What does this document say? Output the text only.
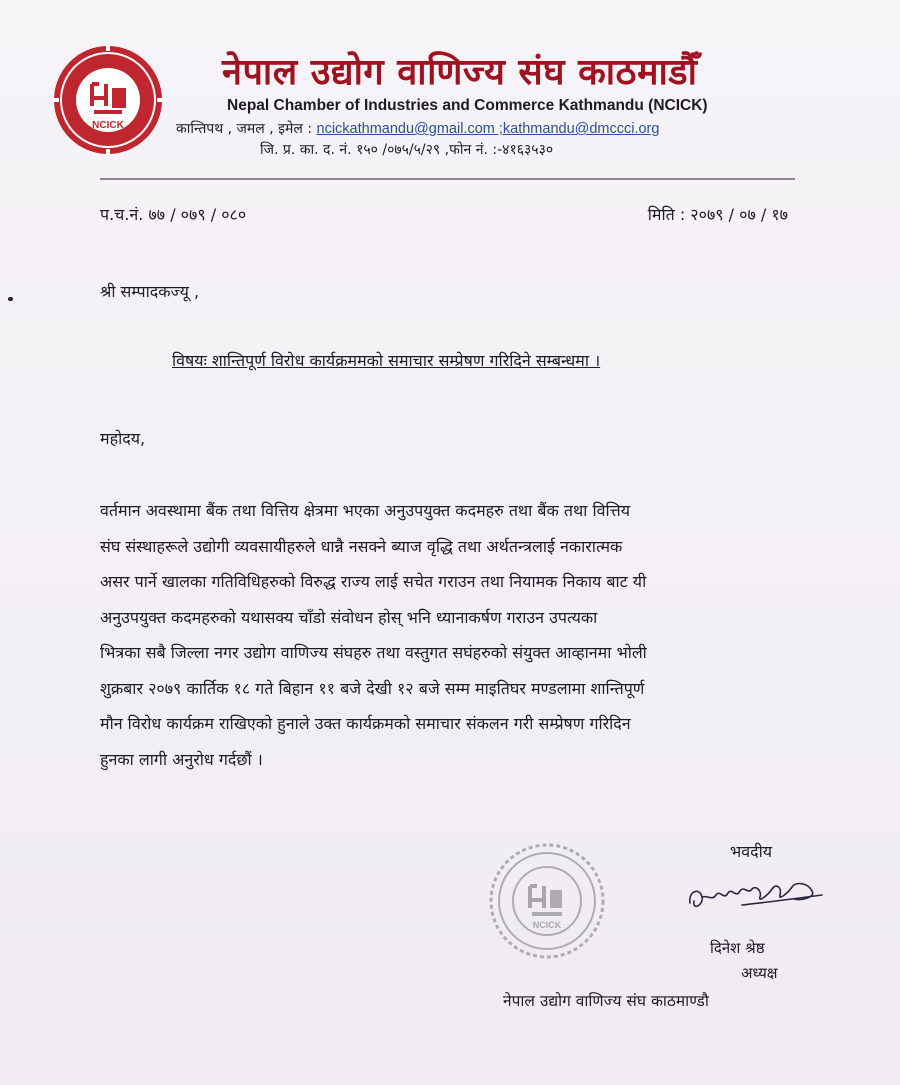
NCICK
नेपाल उद्योग वाणिज्य संघ काठमाडौँ
Nepal Chamber of Industries and Commerce Kathmandu (NCICK)
कान्तिपथ , जमल , इमेल : ncickathmandu@gmail.com ;kathmandu@dmccci.org
जि. प्र. का. द. नं. १५० /०७५/५/२९ ,फोन नं. :-४१६३५३०
प.च.नं. ७७ / ०७९ / ०८०	मिति : २०७९ / ०७ / १७
श्री सम्पादकज्यू ,
विषयः शान्तिपूर्ण विरोध कार्यक्रममको समाचार सम्प्रेषण गरिदिने सम्बन्धमा ।
महोदय,
वर्तमान अवस्थामा बैंक तथा वित्तिय क्षेत्रमा भएका अनुउपयुक्त कदमहरु तथा बैंक तथा वित्तिय
संघ संस्थाहरूले उद्योगी व्यवसायीहरुले धान्नै नसक्ने ब्याज वृद्धि तथा अर्थतन्त्रलाई नकारात्मक
असर पार्ने खालका गतिविधिहरुको विरुद्ध राज्य लाई सचेत गराउन तथा नियामक निकाय बाट यी
अनुउपयुक्त कदमहरुको यथासक्य चाँडो संवोधन होस् भनि ध्यानाकर्षण गराउन उपत्यका
भित्रका सबै जिल्ला नगर उद्योग वाणिज्य संघहरु तथा वस्तुगत सघंहरुको संयुक्त आव्हानमा भोली
शुक्रबार २०७९ कार्तिक १८ गते बिहान ११ बजे देखी १२ बजे सम्म माइतिघर मण्डलामा शान्तिपूर्ण
मौन विरोध कार्यक्रम राखिएको हुनाले उक्त कार्यक्रमको समाचार संकलन गरी सम्प्रेषण गरिदिन
हुनका लागी अनुरोध गर्दछौं ।
भवदीय
NCICK
दिनेश श्रेष्ठ
अध्यक्ष
नेपाल उद्योग वाणिज्य संघ काठमाण्डौ
